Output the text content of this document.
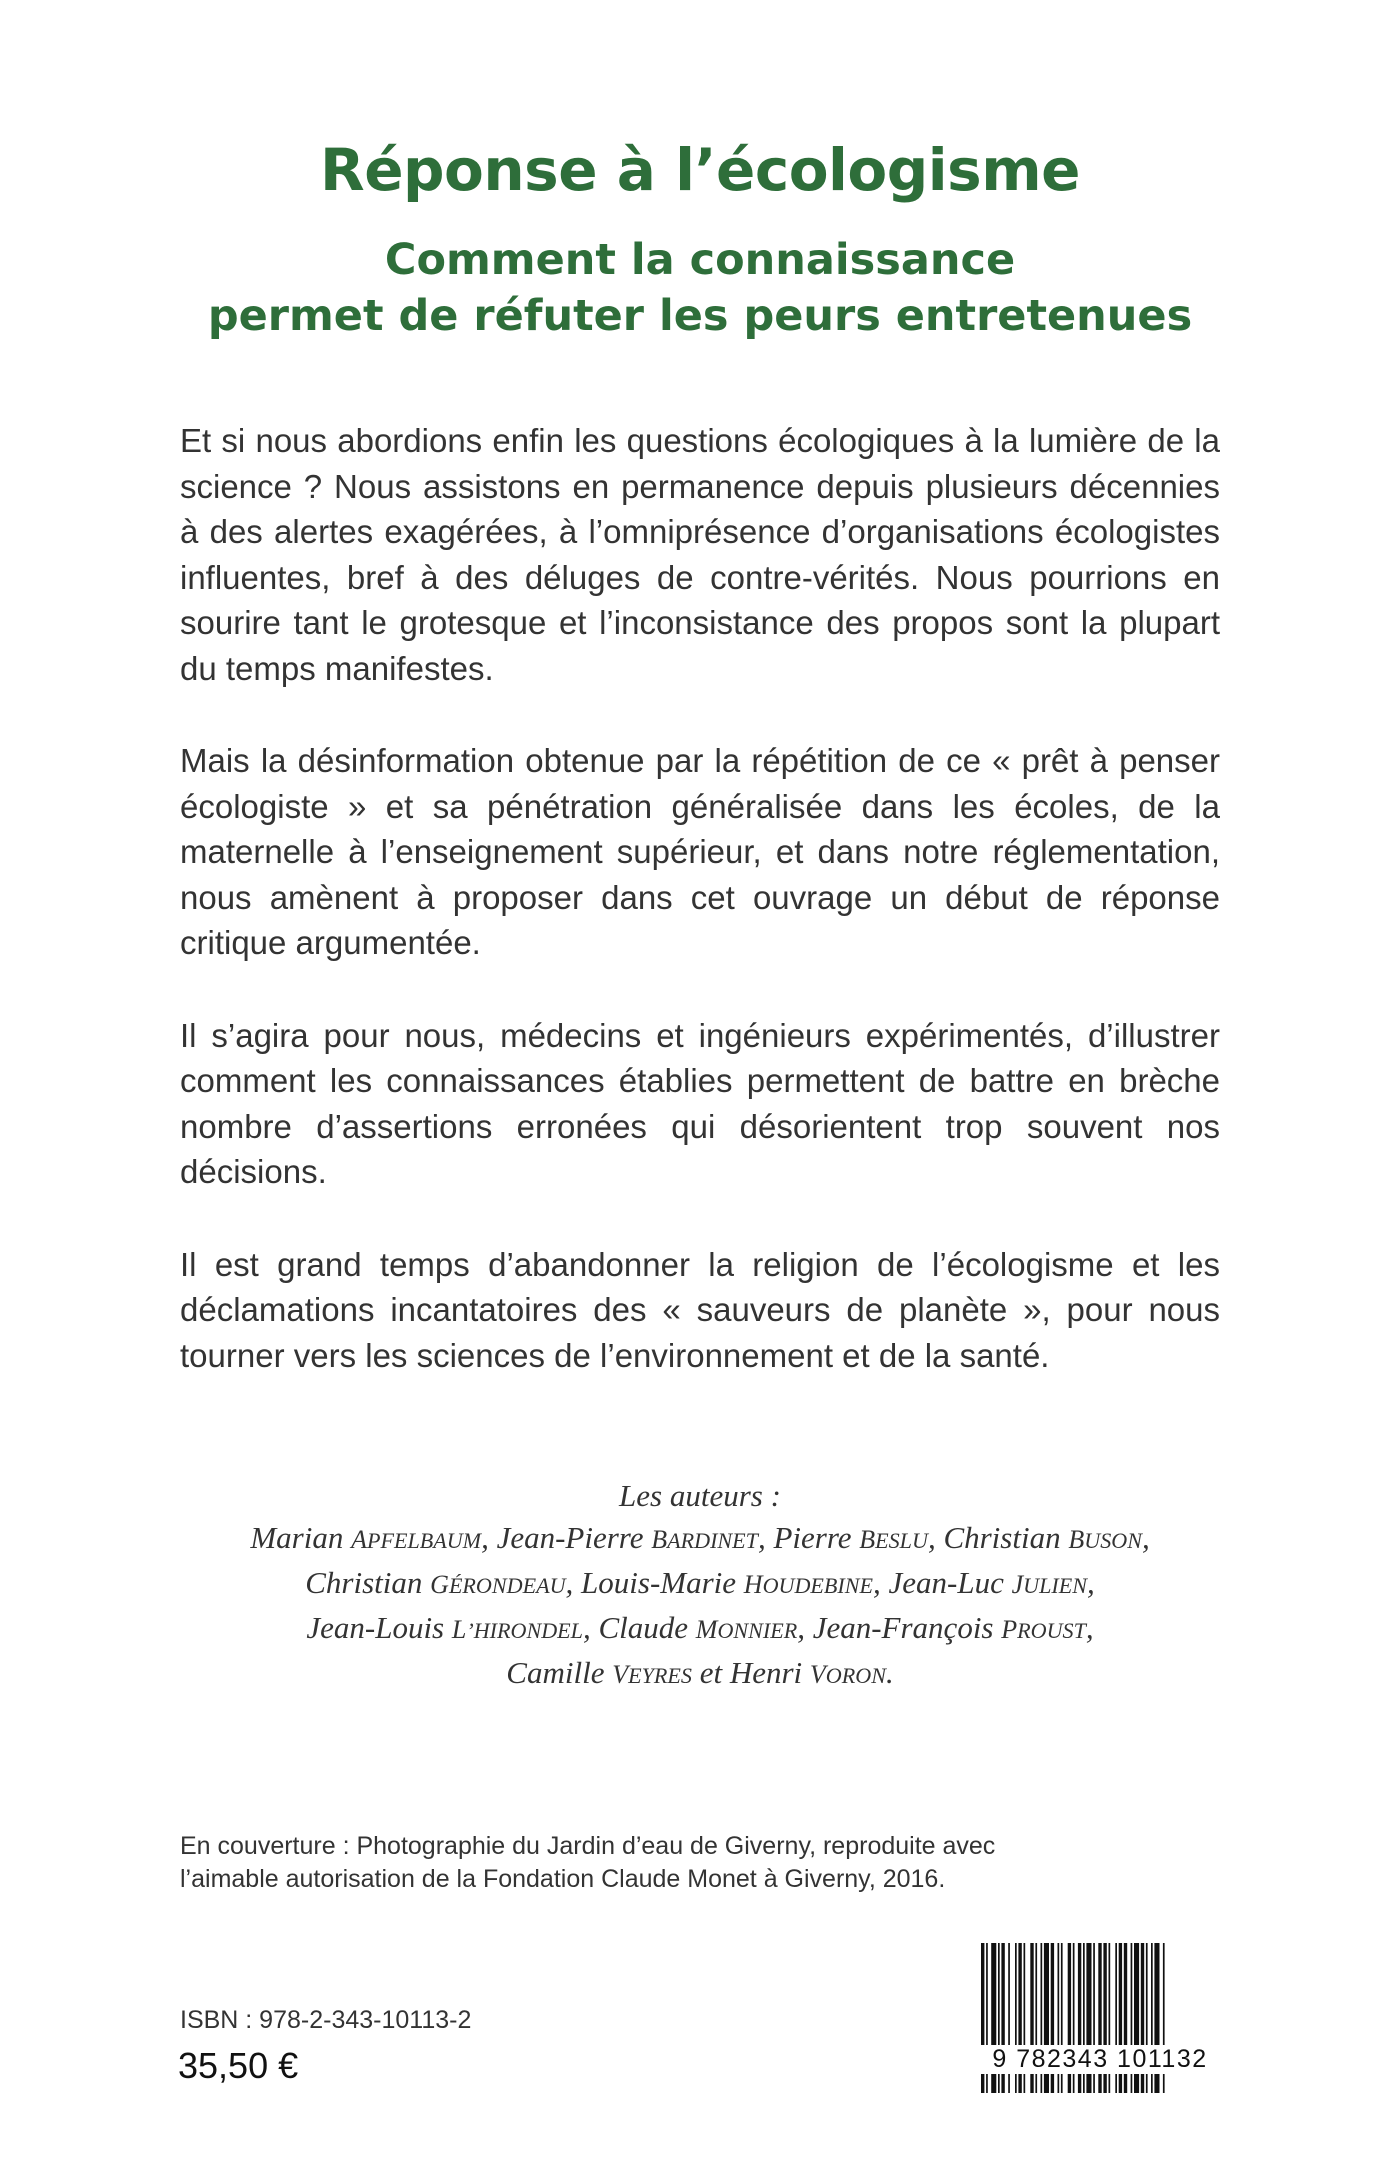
Réponse à l’écologisme
Comment la connaissance
permet de réfuter les peurs entretenues

Et si nous abordions enfin les questions écologiques à la lumière de la science ? Nous assistons en permanence depuis plusieurs décennies à des alertes exagérées, à l’omniprésence d’organisations écologistes influentes, bref à des déluges de contre-vérités. Nous pourrions en sourire tant le grotesque et l’inconsistance des propos sont la plupart du temps manifestes.

Mais la désinformation obtenue par la répétition de ce « prêt à penser écologiste » et sa pénétration généralisée dans les écoles, de la maternelle à l’enseignement supérieur, et dans notre réglementation, nous amènent à proposer dans cet ouvrage un début de réponse critique argumentée.

Il s’agira pour nous, médecins et ingénieurs expérimentés, d’illustrer comment les connaissances établies permettent de battre en brèche nombre d’assertions erronées qui désorientent trop souvent nos décisions.

Il est grand temps d’abandonner la religion de l’écologisme et les déclamations incantatoires des « sauveurs de planète », pour nous tourner vers les sciences de l’environnement et de la santé.

Les auteurs :
Marian APFELBAUM, Jean-Pierre BARDINET, Pierre BESLU, Christian BUSON,
Christian GÉRONDEAU, Louis-Marie HOUDEBINE, Jean-Luc JULIEN,
Jean-Louis L’HIRONDEL, Claude MONNIER, Jean-François PROUST,
Camille VEYRES et Henri VORON.
En couverture : Photographie du Jardin d’eau de Giverny, reproduite avec
l’aimable autorisation de la Fondation Claude Monet à Giverny, 2016.
ISBN : 978-2-343-10113-2
35,50 €	9 782343 101132
